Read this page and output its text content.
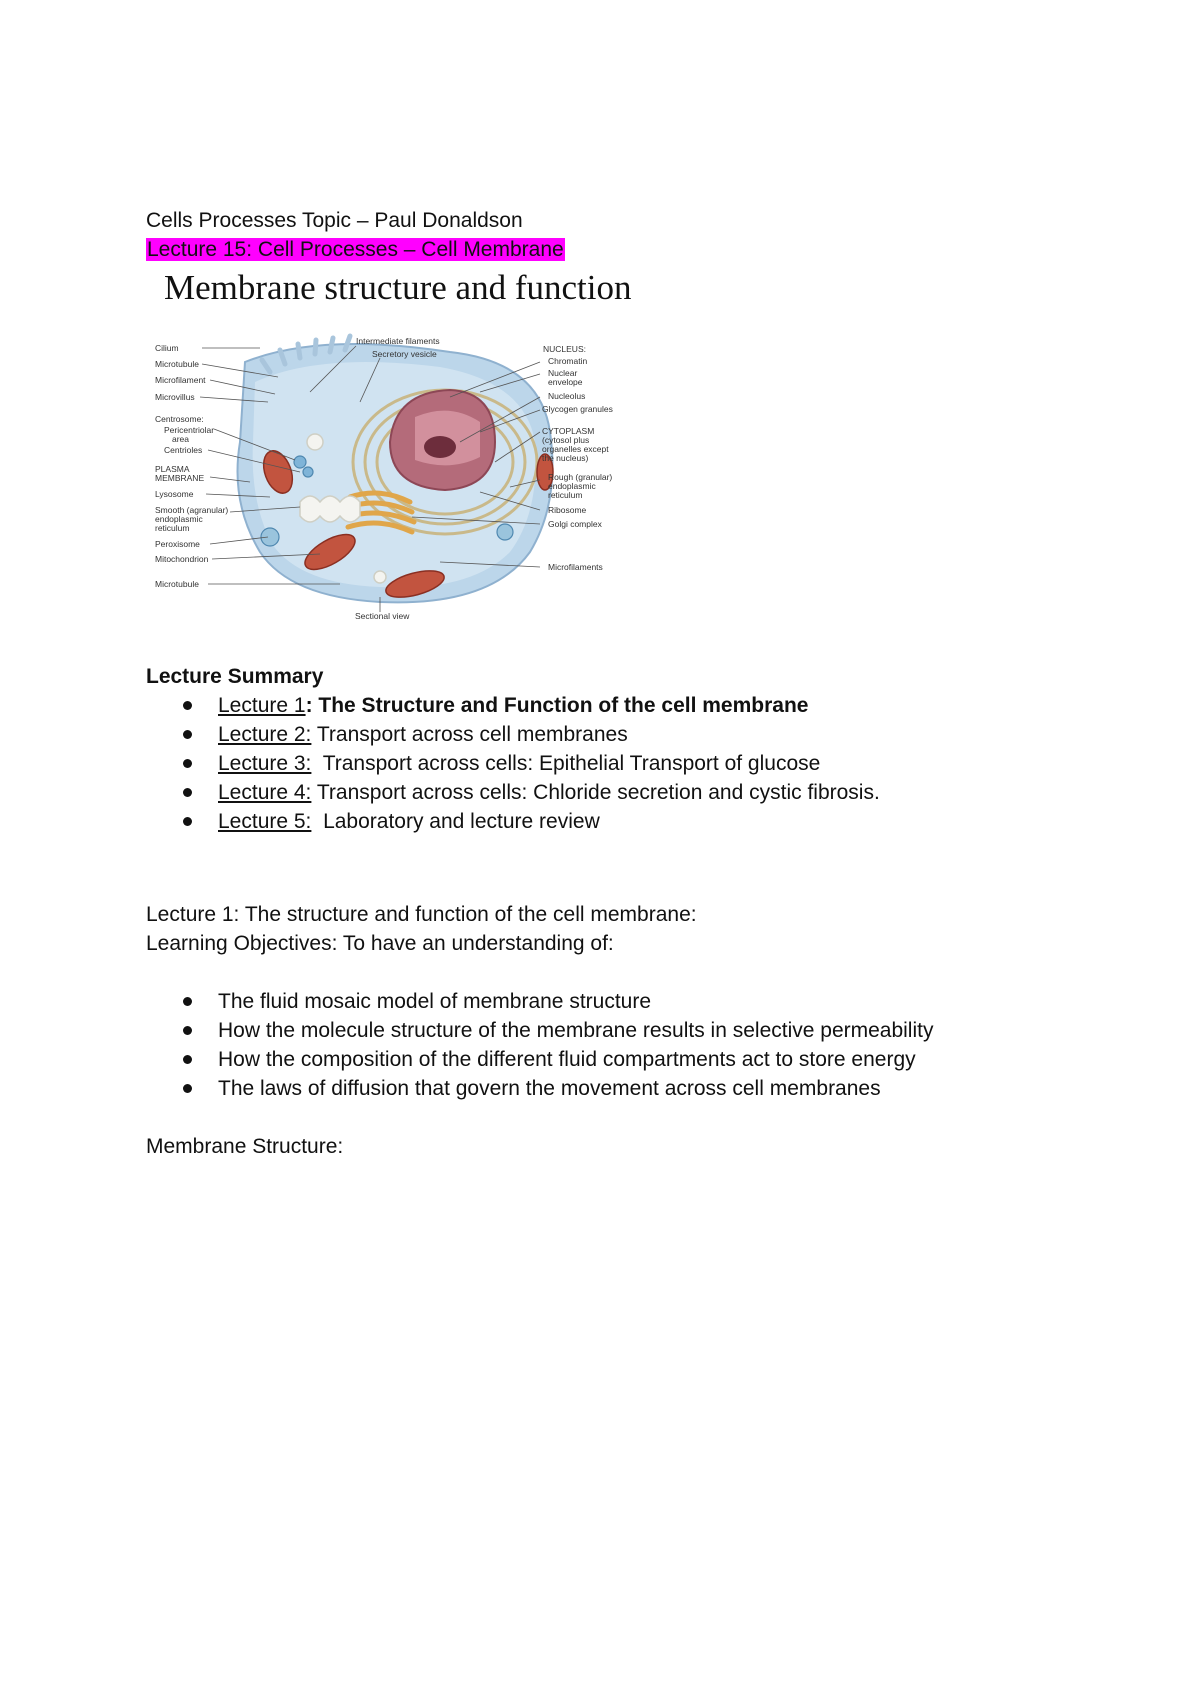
Cells Processes Topic – Paul Donaldson
Lecture 15: Cell Processes – Cell Membrane
Membrane structure and function
Cilium
Microtubule
Microfilament
Microvillus
Centrosome:
Pericentriolar
area
Centrioles
PLASMA
MEMBRANE
Lysosome
Smooth (agranular)
endoplasmic
reticulum
Peroxisome
Mitochondrion
Microtubule
Intermediate filaments
Secretory vesicle	NUCLEUS:
Chromatin
Nuclear
envelope
Nucleolus
Glycogen granules
CYTOPLASM
(cytosol plus
organelles except
the nucleus)
Rough (granular)
endoplasmic
reticulum
Ribosome
Golgi complex
Microfilaments
Sectional view
Lecture Summary
Lecture 1: The Structure and Function of the cell membrane
Lecture 2: Transport across cell membranes
Lecture 3: Transport across cells: Epithelial Transport of glucose
Lecture 4: Transport across cells: Chloride secretion and cystic fibrosis.
Lecture 5: Laboratory and lecture review
Lecture 1: The structure and function of the cell membrane:
Learning Objectives: To have an understanding of:
The fluid mosaic model of membrane structure
How the molecule structure of the membrane results in selective permeability
How the composition of the different fluid compartments act to store energy
The laws of diffusion that govern the movement across cell membranes
Membrane Structure:
